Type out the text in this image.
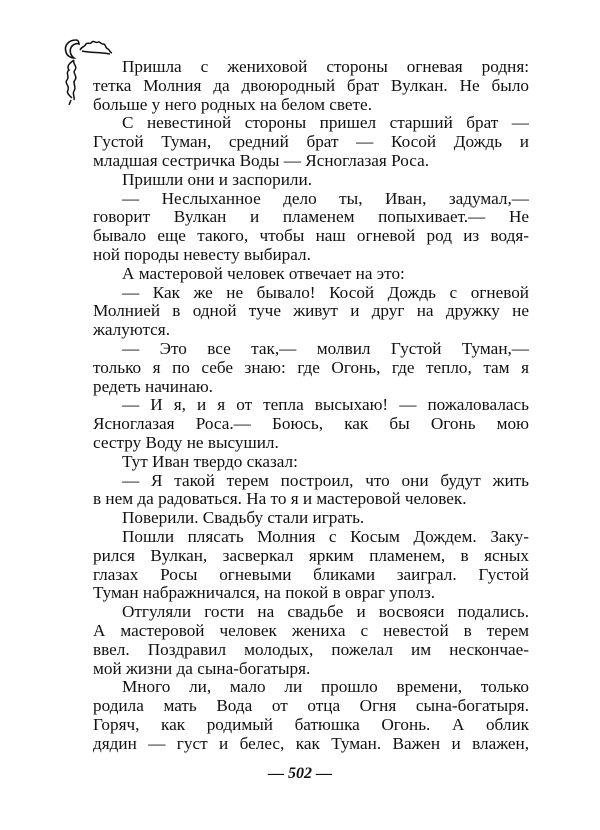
Пришла с жениховой стороны огневая родня:
тетка Молния да двоюродный брат Вулкан. Не было
больше у него родных на белом свете.
С невестиной стороны пришел старший брат —
Густой Туман, средний брат — Косой Дождь и
младшая сестричка Воды — Ясноглазая Роса.
Пришли они и заспорили.
— Неслыханное дело ты, Иван, задумал,—
говорит Вулкан и пламенем попыхивает.— Не
бывало еще такого, чтобы наш огневой род из водя-
ной породы невесту выбирал.
А мастеровой человек отвечает на это:
— Как же не бывало! Косой Дождь с огневой
Молнией в одной туче живут и друг на дружку не
жалуются.
— Это все так,— молвил Густой Туман,—
только я по себе знаю: где Огонь, где тепло, там я
редеть начинаю.
— И я, и я от тепла высыхаю! — пожаловалась
Ясноглазая Роса.— Боюсь, как бы Огонь мою
сестру Воду не высушил.
Тут Иван твердо сказал:
— Я такой терем построил, что они будут жить
в нем да радоваться. На то я и мастеровой человек.
Поверили. Свадьбу стали играть.
Пошли плясать Молния с Косым Дождем. Заку-
рился Вулкан, засверкал ярким пламенем, в ясных
глазах Росы огневыми бликами заиграл. Густой
Туман набражничался, на покой в овраг уполз.
Отгуляли гости на свадьбе и восвояси подались.
А мастеровой человек жениха с невестой в терем
ввел. Поздравил молодых, пожелал им нескончае-
мой жизни да сына-богатыря.
Много ли, мало ли прошло времени, только
родила мать Вода от отца Огня сына-богатыря.
Горяч, как родимый батюшка Огонь. А облик
дядин — густ и белес, как Туман. Важен и влажен,
— 502 —
